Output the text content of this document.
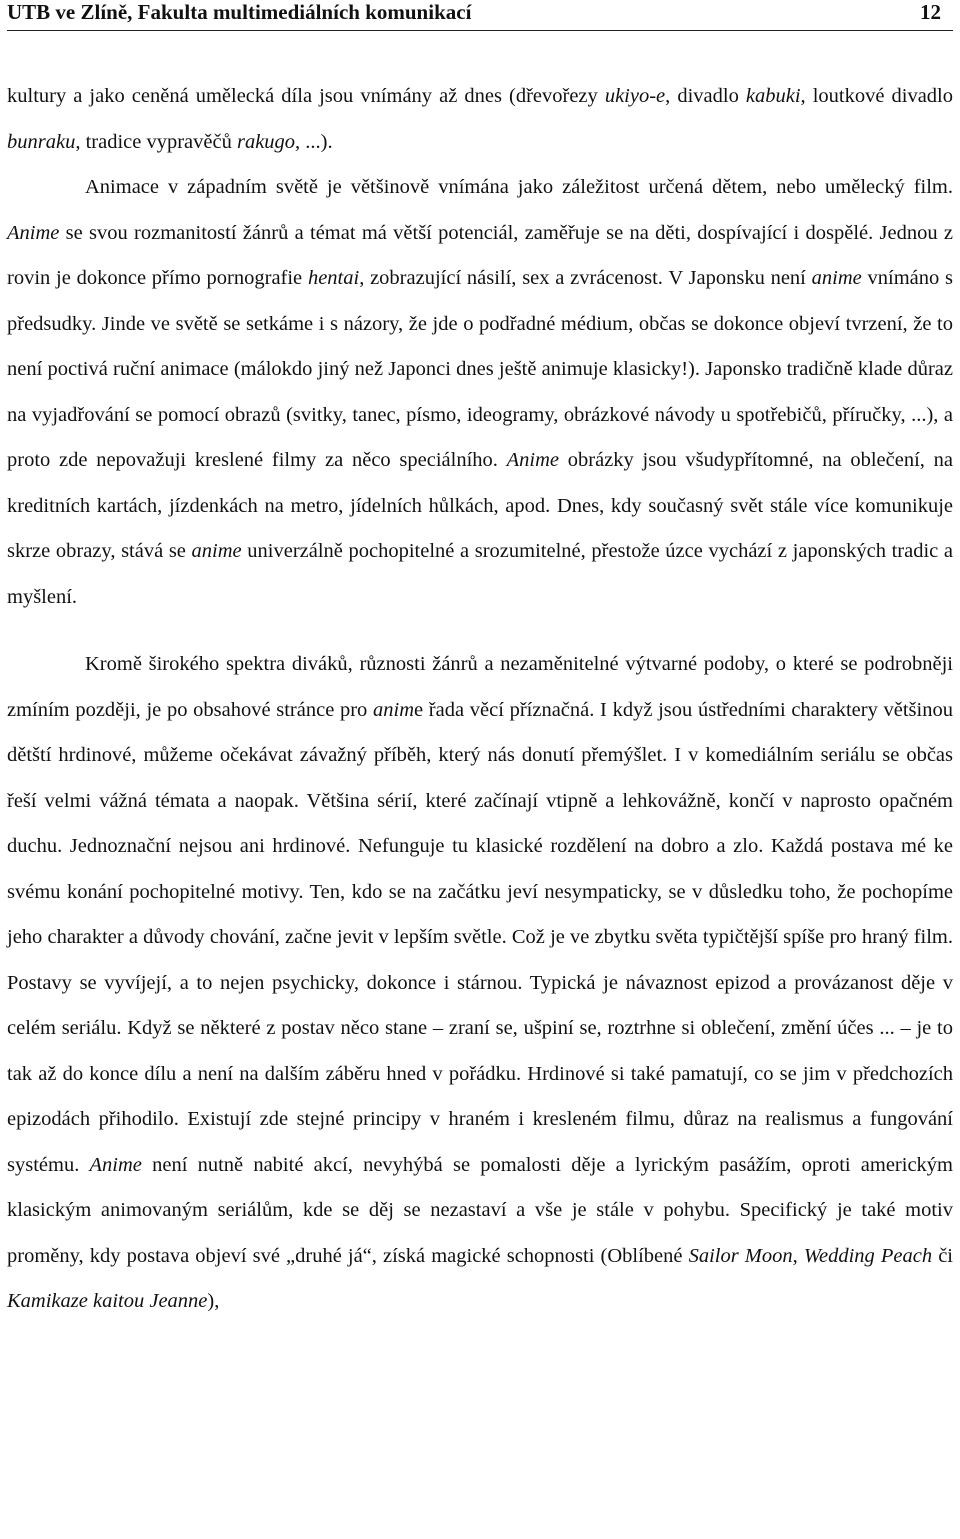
UTB ve Zlíně, Fakulta multimediálních komunikací	12

kultury a jako ceněná umělecká díla jsou vnímány až dnes (dřevořezy ukiyo-e, divadlo kabuki, loutkové divadlo bunraku, tradice vypravěčů rakugo, ...).

Animace v západním světě je většinově vnímána jako záležitost určená dětem, nebo umělecký film. Anime se svou rozmanitostí žánrů a témat má větší potenciál, zaměřuje se na děti, dospívající i dospělé. Jednou z rovin je dokonce přímo pornografie hentai, zobrazující násilí, sex a zvrácenost. V Japonsku není anime vnímáno s předsudky. Jinde ve světě se setkáme i s názory, že jde o podřadné médium, občas se dokonce objeví tvrzení, že to není poctivá ruční animace (málokdo jiný než Japonci dnes ještě animuje klasicky!). Japonsko tradičně klade důraz na vyjadřování se pomocí obrazů (svitky, tanec, písmo, ideogramy, obrázkové návody u spotřebičů, příručky, ...), a proto zde nepovažuji kreslené filmy za něco speciálního. Anime obrázky jsou všudypřítomné, na oblečení, na kreditních kartách, jízdenkách na metro, jídelních hůlkách, apod. Dnes, kdy současný svět stále více komunikuje skrze obrazy, stává se anime univerzálně pochopitelné a srozumitelné, přestože úzce vychází z japonských tradic a myšlení.

Kromě širokého spektra diváků, různosti žánrů a nezaměnitelné výtvarné podoby, o které se podrobněji zmíním později, je po obsahové stránce pro anime řada věcí příznačná. I když jsou ústředními charaktery většinou dětští hrdinové, můžeme očekávat závažný příběh, který nás donutí přemýšlet. I v komediálním seriálu se občas řeší velmi vážná témata a naopak. Většina sérií, které začínají vtipně a lehkovážně, končí v naprosto opačném duchu. Jednoznační nejsou ani hrdinové. Nefunguje tu klasické rozdělení na dobro a zlo. Každá postava mé ke svému konání pochopitelné motivy. Ten, kdo se na začátku jeví nesympaticky, se v důsledku toho, že pochopíme jeho charakter a důvody chování, začne jevit v lepším světle. Což je ve zbytku světa typičtější spíše pro hraný film. Postavy se vyvíjejí, a to nejen psychicky, dokonce i stárnou. Typická je návaznost epizod a provázanost děje v celém seriálu. Když se některé z postav něco stane – zraní se, ušpiní se, roztrhne si oblečení, změní účes ... – je to tak až do konce dílu a není na dalším záběru hned v pořádku. Hrdinové si také pamatují, co se jim v předchozích epizodách přihodilo. Existují zde stejné principy v hraném i kresleném filmu, důraz na realismus a fungování systému. Anime není nutně nabité akcí, nevyhýbá se pomalosti děje a lyrickým pasážím, oproti americkým klasickým animovaným seriálům, kde se děj se nezastaví a vše je stále v pohybu. Specifický je také motiv proměny, kdy postava objeví své „druhé já“, získá magické schopnosti (Oblíbené Sailor Moon, Wedding Peach či Kamikaze kaitou Jeanne),
